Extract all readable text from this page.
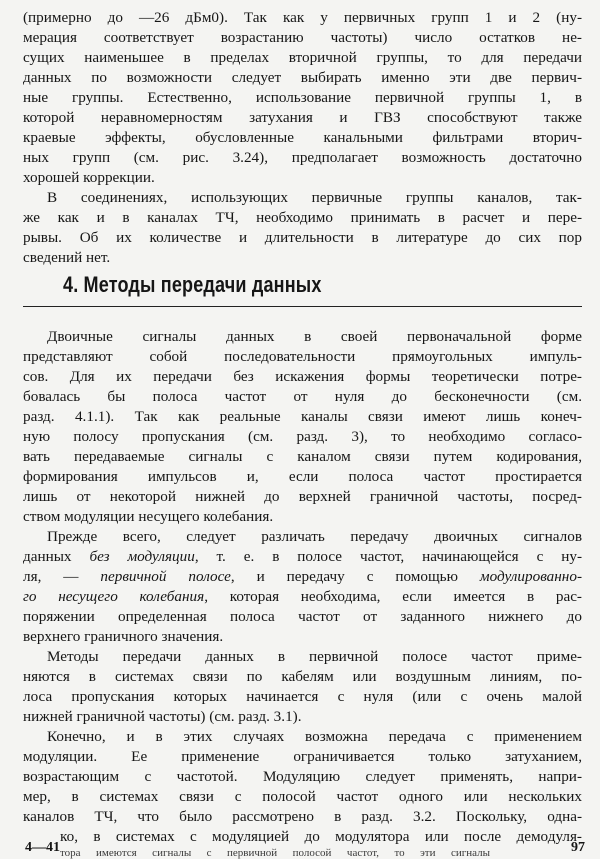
(примерно до —26 дБм0). Так как у первичных групп 1 и 2 (ну-
мерация соответствует возрастанию частоты) число остатков не-
сущих наименьшее в пределах вторичной группы, то для передачи
данных по возможности следует выбирать именно эти две первич-
ные группы. Естественно, использование первичной группы 1, в
которой неравномерностям затухания и ГВЗ способствуют также
краевые эффекты, обусловленные канальными фильтрами вторич-
ных групп (см. рис. 3.24), предполагает возможность достаточно
хорошей коррекции.
В соединениях, использующих первичные группы каналов, так-
же как и в каналах ТЧ, необходимо принимать в расчет и пере-
рывы. Об их количестве и длительности в литературе до сих пор
сведений нет.
4. Методы передачи данных
Двоичные сигналы данных в своей первоначальной форме
представляют собой последовательности прямоугольных импуль-
сов. Для их передачи без искажения формы теоретически потре-
бовалась бы полоса частот от нуля до бесконечности (см.
разд. 4.1.1). Так как реальные каналы связи имеют лишь конеч-
ную полосу пропускания (см. разд. 3), то необходимо согласо-
вать передаваемые сигналы с каналом связи путем кодирования,
формирования импульсов и, если полоса частот простирается
лишь от некоторой нижней до верхней граничной частоты, посред-
ством модуляции несущего колебания.
Прежде всего, следует различать передачу двоичных сигналов
данных без модуляции, т. е. в полосе частот, начинающейся с ну-
ля, — первичной полосе, и передачу с помощью модулированно-
го несущего колебания, которая необходима, если имеется в рас-
поряжении определенная полоса частот от заданного нижнего до
верхнего граничного значения.
Методы передачи данных в первичной полосе частот приме-
няются в системах связи по кабелям или воздушным линиям, по-
лоса пропускания которых начинается с нуля (или с очень малой
нижней граничной частоты) (см. разд. 3.1).
Конечно, и в этих случаях возможна передача с применением
модуляции. Ее применение ограничивается только затуханием,
возрастающим с частотой. Модуляцию следует применять, напри-
мер, в системах связи с полосой частот одного или нескольких
каналов ТЧ, что было рассмотрено в разд. 3.2. Поскольку, одна-
ко, в системах с модуляцией до модулятора или после демодуля-
4—41	97
тора имеются сигналы с первичной полосой частот, то эти сигналы
